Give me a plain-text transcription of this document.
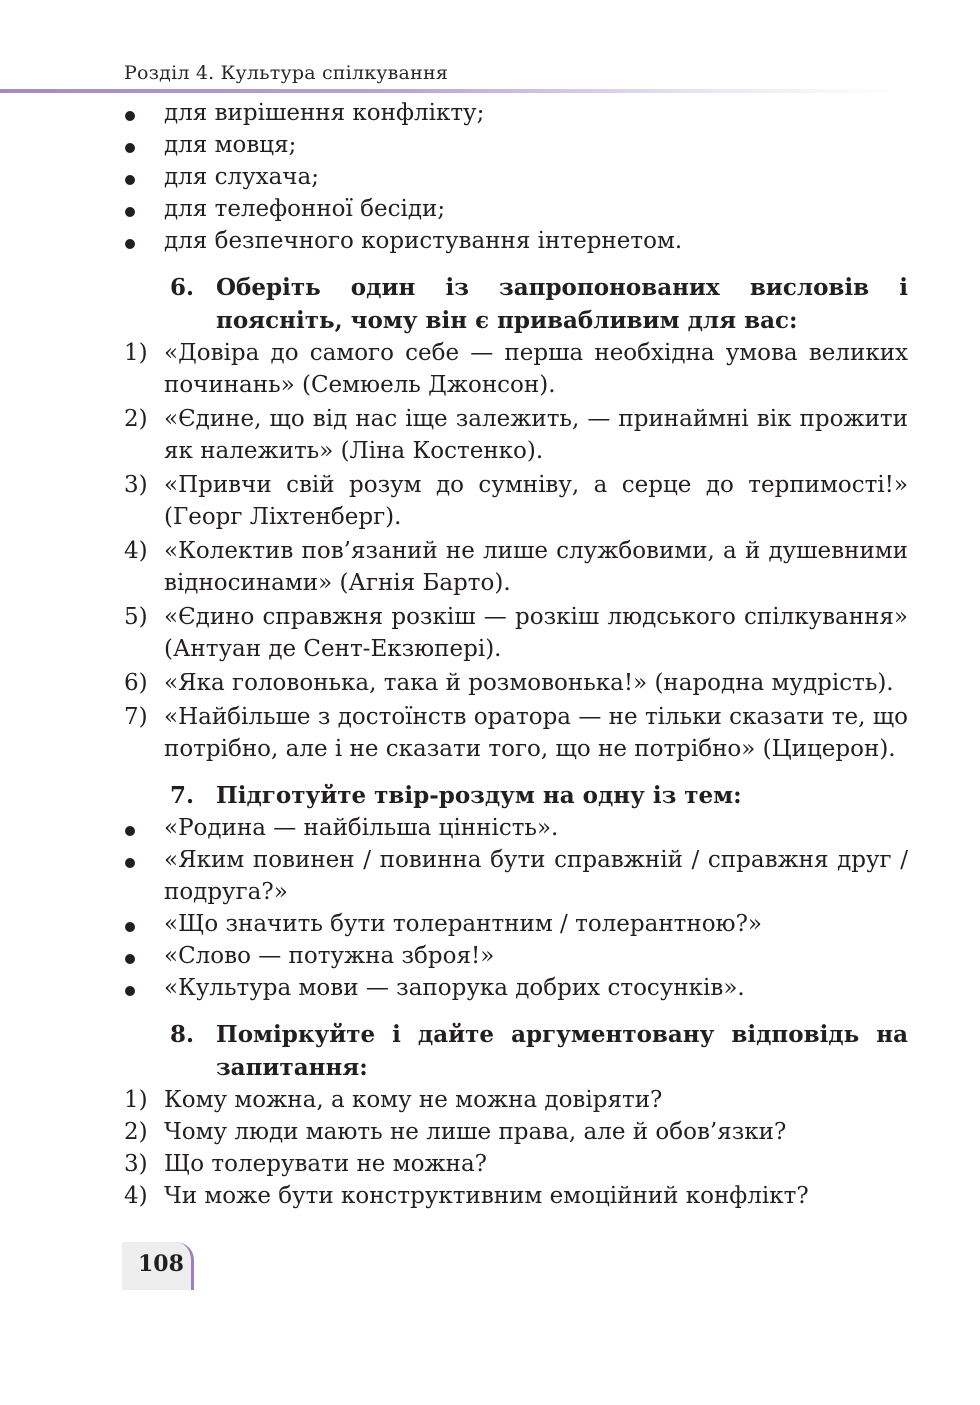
Розділ 4. Культура спілкування
для вирішення конфлікту;
для мовця;
для слухача;
для телефонної бесіди;
для безпечного користування інтернетом.
6. Оберіть один із запропонованих висловів і поясніть, чому він є привабливим для вас:
1) «Довіра до самого себе — перша необхідна умова великих починань» (Семюель Джонсон).
2) «Єдине, що від нас іще залежить, — принаймні вік прожити як належить» (Ліна Костенко).
3) «Привчи свій розум до сумніву, а серце до терпимості!» (Георг Ліхтенберг).
4) «Колектив пов’язаний не лише службовими, а й душевними відносинами» (Агнія Барто).
5) «Єдино справжня розкіш — розкіш людського спілкування» (Антуан де Сент-Екзюпері).
6) «Яка головонька, така й розмовонька!» (народна мудрість).
7) «Найбільше з достоїнств оратора — не тільки сказати те, що потрібно, але і не сказати того, що не потрібно» (Цицерон).
7. Підготуйте твір-роздум на одну із тем:
«Родина — найбільша цінність».
«Яким повинен / повинна бути справжній / справжня друг / подруга?»
«Що значить бути толерантним / толерантною?»
«Слово — потужна зброя!»
«Культура мови — запорука добрих стосунків».
8. Поміркуйте і дайте аргументовану відповідь на запитання:
1) Кому можна, а кому не можна довіряти?
2) Чому люди мають не лише права, але й обов’язки?
3) Що толерувати не можна?
4) Чи може бути конструктивним емоційний конфлікт?
108
